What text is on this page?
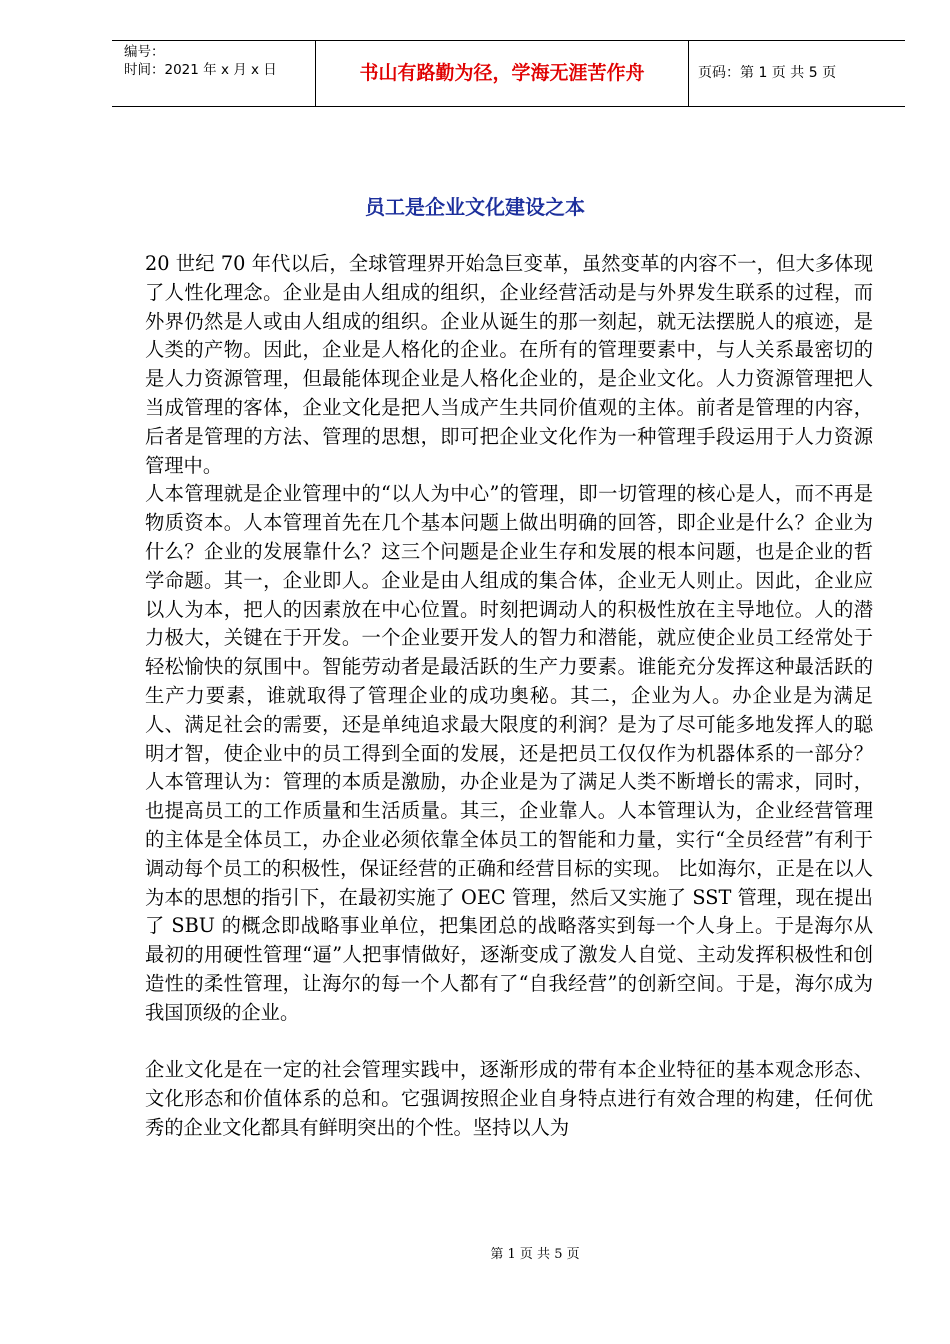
编号：
时间：2021 年 x 月 x 日	书山有路勤为径，学海无涯苦作舟	页码：第 1 页 共 5 页
员工是企业文化建设之本

20 世纪 70 年代以后，全球管理界开始急巨变革，虽然变革的内容不一，但大多体现了人性化理念。企业是由人组成的组织，企业经营活动是与外界发生联系的过程，而外界仍然是人或由人组成的组织。企业从诞生的那一刻起，就无法摆脱人的痕迹，是人类的产物。因此，企业是人格化的企业。在所有的管理要素中，与人关系最密切的是人力资源管理，但最能体现企业是人格化企业的，是企业文化。人力资源管理把人当成管理的客体，企业文化是把人当成产生共同价值观的主体。前者是管理的内容，后者是管理的方法、管理的思想，即可把企业文化作为一种管理手段运用于人力资源管理中。

人本管理就是企业管理中的“以人为中心”的管理，即一切管理的核心是人，而不再是物质资本。人本管理首先在几个基本问题上做出明确的回答，即企业是什么？企业为什么？企业的发展靠什么？这三个问题是企业生存和发展的根本问题，也是企业的哲学命题。其一，企业即人。企业是由人组成的集合体，企业无人则止。因此，企业应以人为本，把人的因素放在中心位置。时刻把调动人的积极性放在主导地位。人的潜力极大，关键在于开发。一个企业要开发人的智力和潜能，就应使企业员工经常处于轻松愉快的氛围中。智能劳动者是最活跃的生产力要素。谁能充分发挥这种最活跃的生产力要素，谁就取得了管理企业的成功奥秘。其二，企业为人。办企业是为满足人、满足社会的需要，还是单纯追求最大限度的利润？是为了尽可能多地发挥人的聪明才智，使企业中的员工得到全面的发展，还是把员工仅仅作为机器体系的一部分？人本管理认为：管理的本质是激励，办企业是为了满足人类不断增长的需求，同时，也提高员工的工作质量和生活质量。其三，企业靠人。人本管理认为，企业经营管理的主体是全体员工，办企业必须依靠全体员工的智能和力量，实行“全员经营”有利于调动每个员工的积极性，保证经营的正确和经营目标的实现。 比如海尔，正是在以人为本的思想的指引下，在最初实施了 OEC 管理，然后又实施了 SST 管理，现在提出了 SBU 的概念即战略事业单位，把集团总的战略落实到每一个人身上。于是海尔从最初的用硬性管理“逼”人把事情做好，逐渐变成了激发人自觉、主动发挥积极性和创造性的柔性管理，让海尔的每一个人都有了“自我经营”的创新空间。于是，海尔成为我国顶级的企业。

企业文化是在一定的社会管理实践中，逐渐形成的带有本企业特征的基本观念形态、文化形态和价值体系的总和。它强调按照企业自身特点进行有效合理的构建，任何优秀的企业文化都具有鲜明突出的个性。坚持以人为

第 1 页 共 5 页
